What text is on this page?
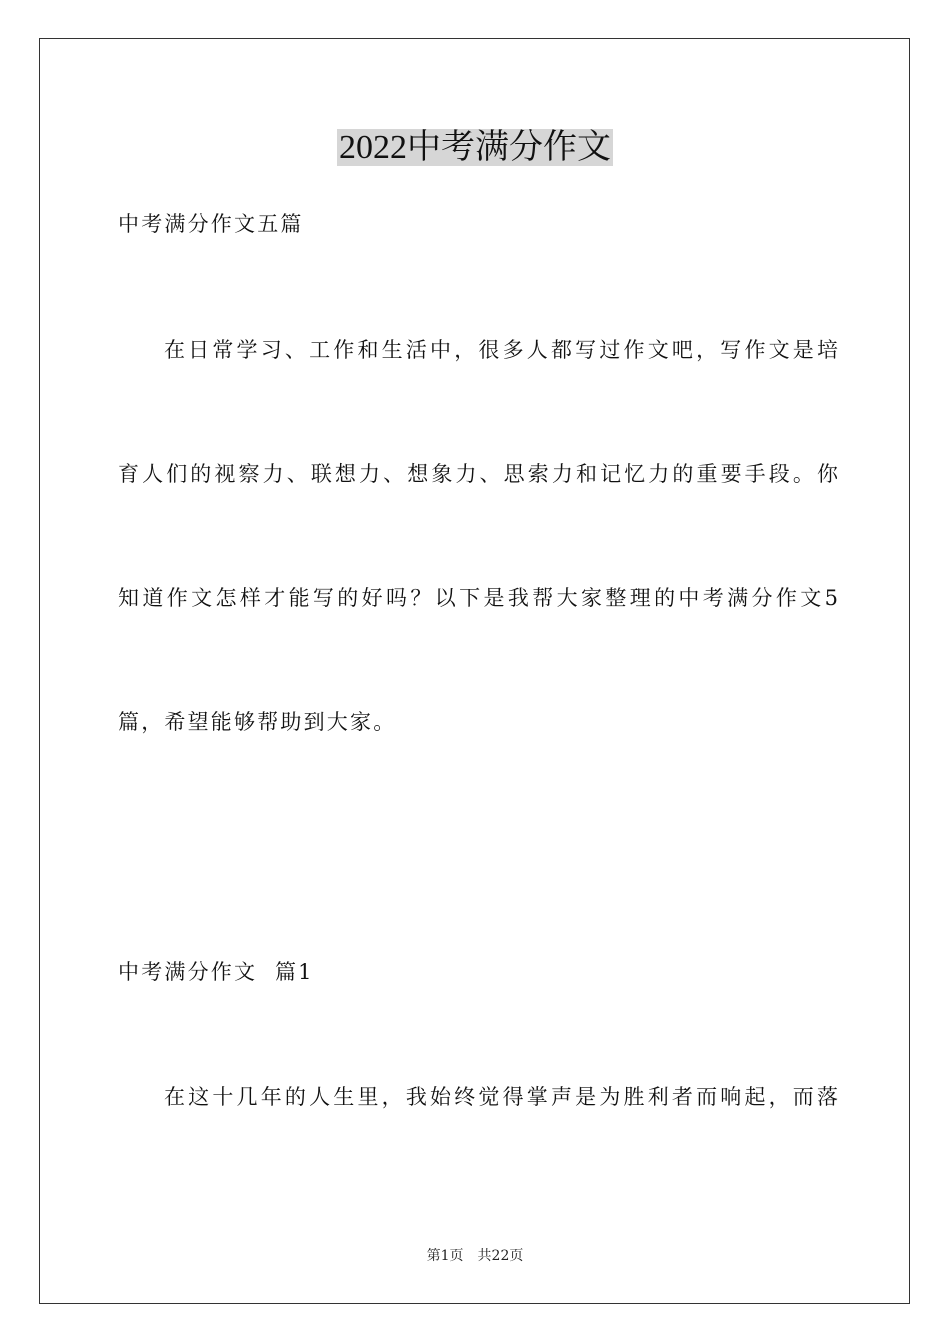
2022中考满分作文
中考满分作文五篇
在日常学习、工作和生活中，很多人都写过作文吧，写作文是培
育人们的视察力、联想力、想象力、思索力和记忆力的重要手段。你
知道作文怎样才能写的好吗？以下是我帮大家整理的中考满分作文5
篇，希望能够帮助到大家。
中考满分作文  篇1
在这十几年的人生里，我始终觉得掌声是为胜利者而响起，而落
第1页 共22页
